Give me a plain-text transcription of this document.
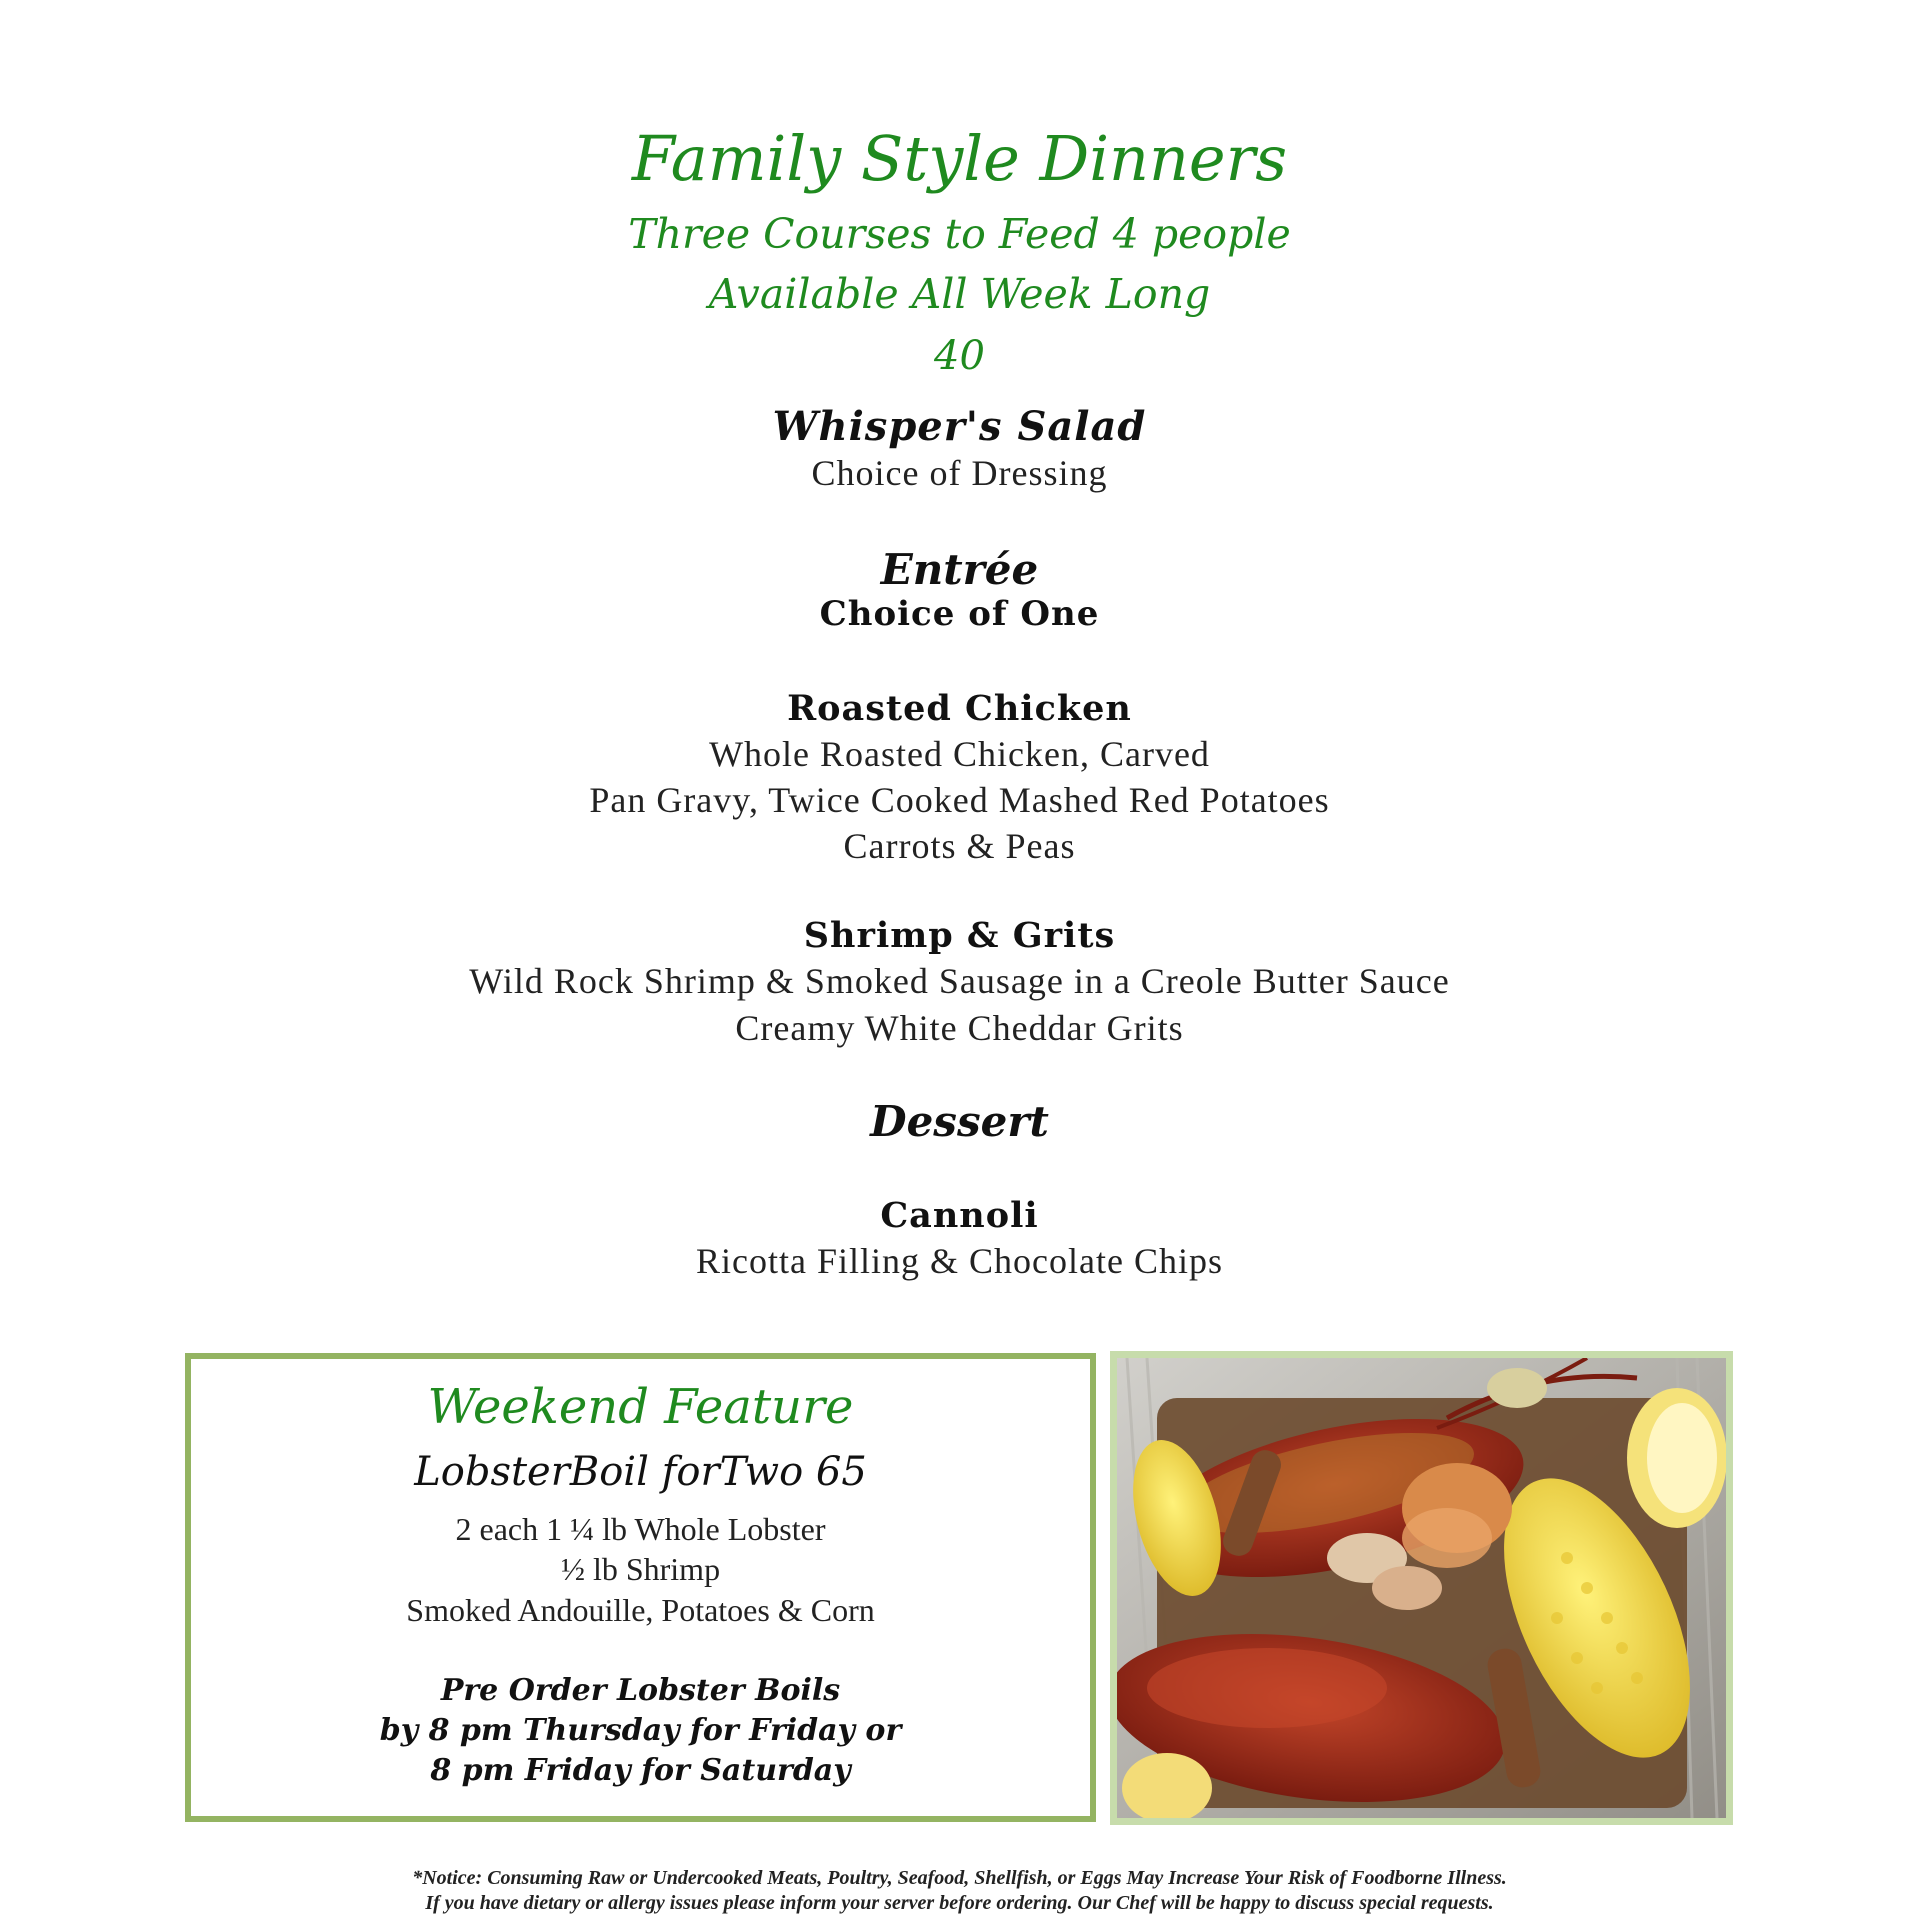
Family Style Dinners
Three Courses to Feed 4 people
Available All Week Long
40
Whisper's Salad
Choice of Dressing
Entrée
Choice of One
Roasted Chicken
Whole Roasted Chicken, Carved
Pan Gravy, Twice Cooked Mashed Red Potatoes
Carrots & Peas
Shrimp & Grits
Wild Rock Shrimp & Smoked Sausage in a Creole Butter Sauce
Creamy White Cheddar Grits
Dessert
Cannoli
Ricotta Filling & Chocolate Chips
Weekend Feature
LobsterBoil forTwo 65
2 each 1 ¼ lb Whole Lobster
½ lb Shrimp
Smoked Andouille, Potatoes & Corn
Pre Order Lobster Boils
by 8 pm Thursday for Friday or
8 pm Friday for Saturday
*Notice: Consuming Raw or Undercooked Meats, Poultry, Seafood, Shellfish, or Eggs May Increase Your Risk of Foodborne Illness.
If you have dietary or allergy issues please inform your server before ordering. Our Chef will be happy to discuss special requests.
